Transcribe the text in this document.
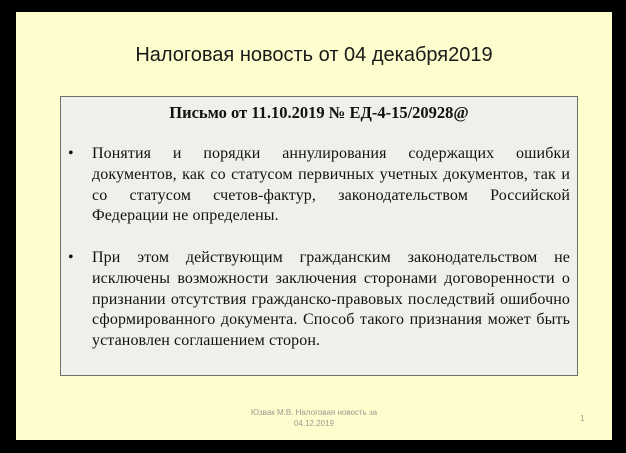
Налоговая новость от 04 декабря2019
Письмо от 11.10.2019 № ЕД-4-15/20928@
• Понятия и порядки аннулирования содержащих ошибки документов, как со статусом первичных учетных документов, так и со статусом счетов-фактур, законодательством Российской Федерации не определены.
• При этом действующим гражданским законодательством не исключены возможности заключения сторонами договоренности о признании отсутствия гражданско-правовых последствий ошибочно сформированного документа. Способ такого признания может быть установлен соглашением сторон.
Юзвак М.В. Налоговая новость за
04.12.2019
1
